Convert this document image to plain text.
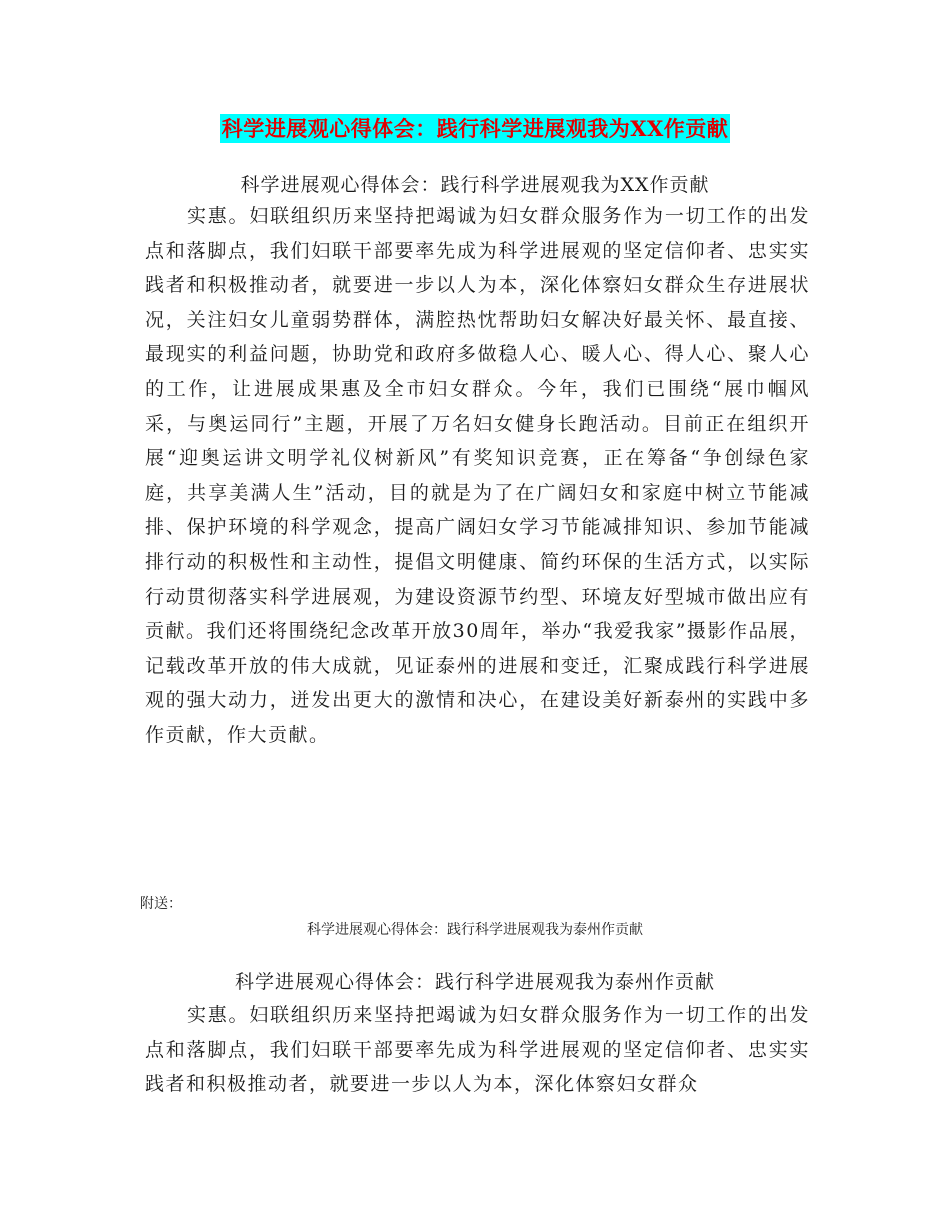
科学进展观心得体会：践行科学进展观我为XX作贡献
科学进展观心得体会：践行科学进展观我为XX作贡献

实惠。妇联组织历来坚持把竭诚为妇女群众服务作为一切工作的出发点和落脚点，我们妇联干部要率先成为科学进展观的坚定信仰者、忠实实践者和积极推动者，就要进一步以人为本，深化体察妇女群众生存进展状况，关注妇女儿童弱势群体，满腔热忱帮助妇女解决好最关怀、最直接、最现实的利益问题，协助党和政府多做稳人心、暖人心、得人心、聚人心的工作，让进展成果惠及全市妇女群众。今年，我们已围绕“展巾帼风采，与奥运同行”主题，开展了万名妇女健身长跑活动。目前正在组织开展“迎奥运讲文明学礼仪树新风”有奖知识竞赛，正在筹备“争创绿色家庭，共享美满人生”活动，目的就是为了在广阔妇女和家庭中树立节能减排、保护环境的科学观念，提高广阔妇女学习节能减排知识、参加节能减排行动的积极性和主动性，提倡文明健康、简约环保的生活方式，以实际行动贯彻落实科学进展观，为建设资源节约型、环境友好型城市做出应有贡献。我们还将围绕纪念改革开放30周年，举办“我爱我家”摄影作品展，记载改革开放的伟大成就，见证泰州的进展和变迁，汇聚成践行科学进展观的强大动力，迸发出更大的激情和决心，在建设美好新泰州的实践中多作贡献，作大贡献。

附送：
科学进展观心得体会：践行科学进展观我为泰州作贡献
科学进展观心得体会：践行科学进展观我为泰州作贡献

实惠。妇联组织历来坚持把竭诚为妇女群众服务作为一切工作的出发点和落脚点，我们妇联干部要率先成为科学进展观的坚定信仰者、忠实实践者和积极推动者，就要进一步以人为本，深化体察妇女群众
